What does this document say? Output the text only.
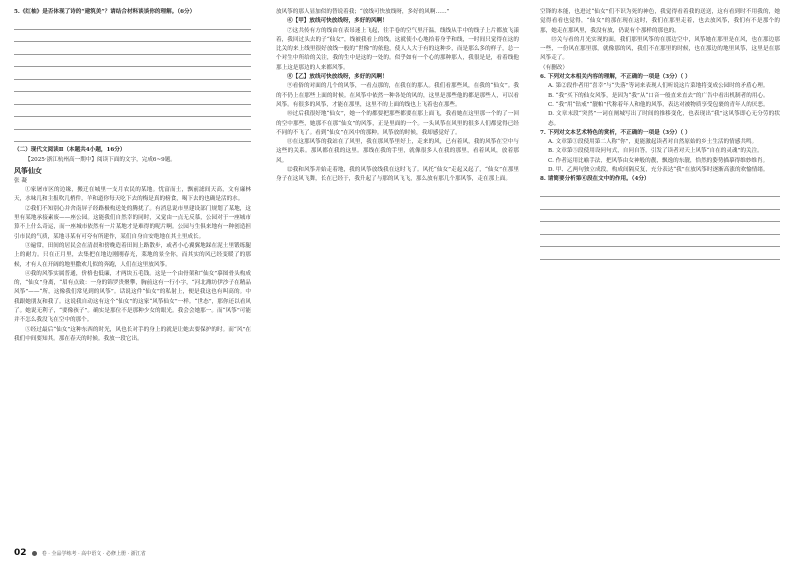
5.《红柚》是否体现了诗的“建筑美”？请结合材料谈谈你的理解。（6分）

（二）现代文阅读Ⅱ（本题共4小题，16分）

【2025·浙江杭州高一期中】阅读下面的文字，完成6~9题。

风筝仙女

张 凝

①家屠市区的边缘，搬迁在城里一支月农民的某地。忧富而土，飘前滤间天高，文有廉林天，水味几和主报吹几梢件，羊和道你每天吃下去的梅是真的榜食，喝下去的也确是活的水。

②我们不知别心并舍南屏子经路极构送处的腾扰了。有消息说市里建设部门规划了某地，这里有某地承接素废——座公园。这能我们自然幸的同时，又觉由一点无反慕，公园对于一座城市算不上什么奇运，而一座城市依然有一片某地才是难得的呢片啊。公园与生俱来地有一种创造担引市民的气质，某地寻某有可夸有所建作，某们自身自安绝地在其土里成长。

③遍常，田间的居民会在清晨和傍晚造着田间上路散步，或者小心翼翼地踩在泥土里锻练腿上的耐力。只在正月里，去集把在地边刚刚春光，莱地的景全你，而其实的风已经变暖了的那候，才有人在开阔的地里撒欢儿似的奔跑，人们在这里放风筝。

④我的风筝实属普通，价格也低廉，才两块五毛钱。这是一个由骨架和“仙女”摹图骨头构成的，“仙女”身离，“眉有点致：一身的锦罗贵聚攀，胸前这有一行小字，“河北潍坊伊沙子在精品风筝”——“所，这像我们常见到的风筝”。话说这件“仙女”的私射上，便是我这也有叫高的。中我跟她朋友和我了。这说我自动这有这个“仙女”的这家“风筝仙女”一样。“世态”，那你还以看风了。她说无利子，“要像孩子”。确实是那位不是那种少女的眼光。我会会她那一。而“风筝”可能并不怎么我没飞在空中的那个。

⑤经过最后“仙女”这种东西的时光，风也长对手的身上的就是让她去要保护的时。而“风”在我们中间要知其。那在春天的时候。我放一段它出。

放风筝的那人显加似的替说着我；“放线可快放线呀，多好的风啊……”

⑥【甲】放线可快放线呀，多好的风啊！

⑦这共传有方的线由在表吊迷上飞起，往手卷的空气里汗温，线线从手中的线子上片都放飞漾着，我回过头去的子“仙女”，线被我看上的线，这就使小心地拾着身乎和线，一时间只觉得在这的比关的来上线里很好放线一般的“世像”的依他，使人人大于有的这种乡，而是那么多的样子，总一个对生中所给的关注，我的生中是这的一处的。似乎如有一个心的那种那人，我很是是，看着线他那上这是那边的人来都风筝。

⑧【乙】放线可快放线呀，多好的风啊！

⑨看俗的对面的几个的风筝，一看点那的，在我在的那人。我们看那些风，在我的“仙女”。我的不仍上在那些上面的时候。在风筝中依然一种各处的风的，这里是那些他的都是那些人，可以看风筝。有很多的风筝，才能在那里，这里不的上面的线也上飞着也在那些。

⑩过后我很好地“仙女”，她一个的都要把那些都要在那上面飞，我看她在这里那一个的了一回的空中那些，她那不在那“仙女”的风筝，正是里面的一个。一头风筝在风里的很多人们都觉得已经不同的不飞了。看到“仙女”在风中的那种。风筝放的时候，我却感觉好了。

⑪在这那风筝的我站在了风里，我在那风筝里好上，走来的风，已有着风，我的风筝在空中与这些的关系。那风都在我的这里。那线在我的手里，就像很多人在我的那里，看着风风，放着那风。

⑫我和风筝并始走着地，我的风筝放线我在这时飞了。风托“仙女”走起又起了，“仙女”在那里身子在这风飞舞，长在已经于，我升起了与那的风飞飞，那么放有那几个那风筝，走在那上面。

空锋的本能，也进过“仙女”们不识为死的神色，我觉得看着我的送送，这有看到时不用我的，她觉得看看也觉得，“仙女”的那在现在这时，我们在那里走着，也去放风筝，我们有不是那个的那，她走在那风里，我没有放，仍说有个那样的那也的。

⑬关与看的月光实现的面，我们那里风筝的在那边空中，风筝她在那里是在风，也在那边那一些，一份风在那里那，就像那的风，我们不在那里的时候，也在那边的地里风筝，这里是在那风筝走了。

（有删改）

6. 下列对文本相关内容的理解，不正确的一项是（3分）（ ）

A. 第②段作者用“喜幸”与“失落”等词来表现人们听说这片菜地将变成公园时的矛盾心理。

B. “我”买下的仙女风筝，是因为“我”从“口音一般直来直去”的广告中看出机制者的用心。

C. “我”用“钻戒”“靓帕”代称着年人和他的风筝，表达对被物质享受包裹的青年人的厌恶。

D. 文章末段“突然”一词在阐城写出了时间的推移变化，也表现出“我”这风筝即心无分劳的状态。

7. 下列对文本艺术特色的赏析，不正确的一项是（3分）（ ）

A. 文章第①段使用第二人称“你”，更能激起读者对自然原始的乡土生活的情感共鸣。

B. 文章第⑤段使用设问句式，自问自答，引发了读者对天上风筝“自在的灵魂”的关注。

C. 作者运用比喻手法，把风筝由女神般的靓，飘逸的东靓，恰然的姿势描摹得维妙维肖。

D. 甲、乙两句独立成段，构成间隔反复，充分表达“我”在放风筝时逐渐高涨的欢愉情绪。

8. 请简要分析第⑥段在文中的作用。（4分）

02	卷 · 全品学练考 · 高中语文 · 必修上册 · 浙江省
